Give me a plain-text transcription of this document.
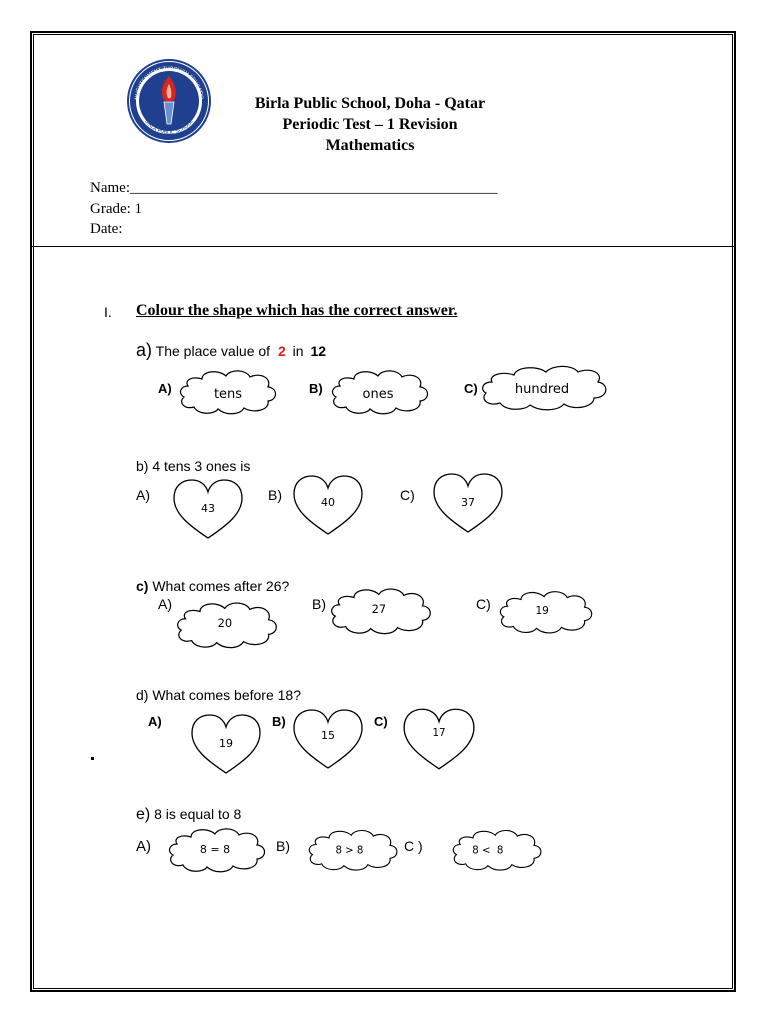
NLIGHTENMENT THROUGH EDUCATIO
BIRLA PUBLIC SCHOOL
Birla Public School, Doha - Qatar
Periodic Test – 1 Revision
Mathematics
Name:_________________________________________________
Grade: 1
Date:
I. Colour the shape which has the correct answer.
a) The place value of 2 in 12
A)	tens	B)	ones	C)	hundred
b) 4 tens 3 ones is
A)
43
B)	40	C)	37
c) What comes after 26?
A)
20
B)	27	C)	19
d) What comes before 18?
A)
19
B)
15
C)
17
e) 8 is equal to 8
A)	8 = 8	B)	8 > 8	C )	8 <  8
